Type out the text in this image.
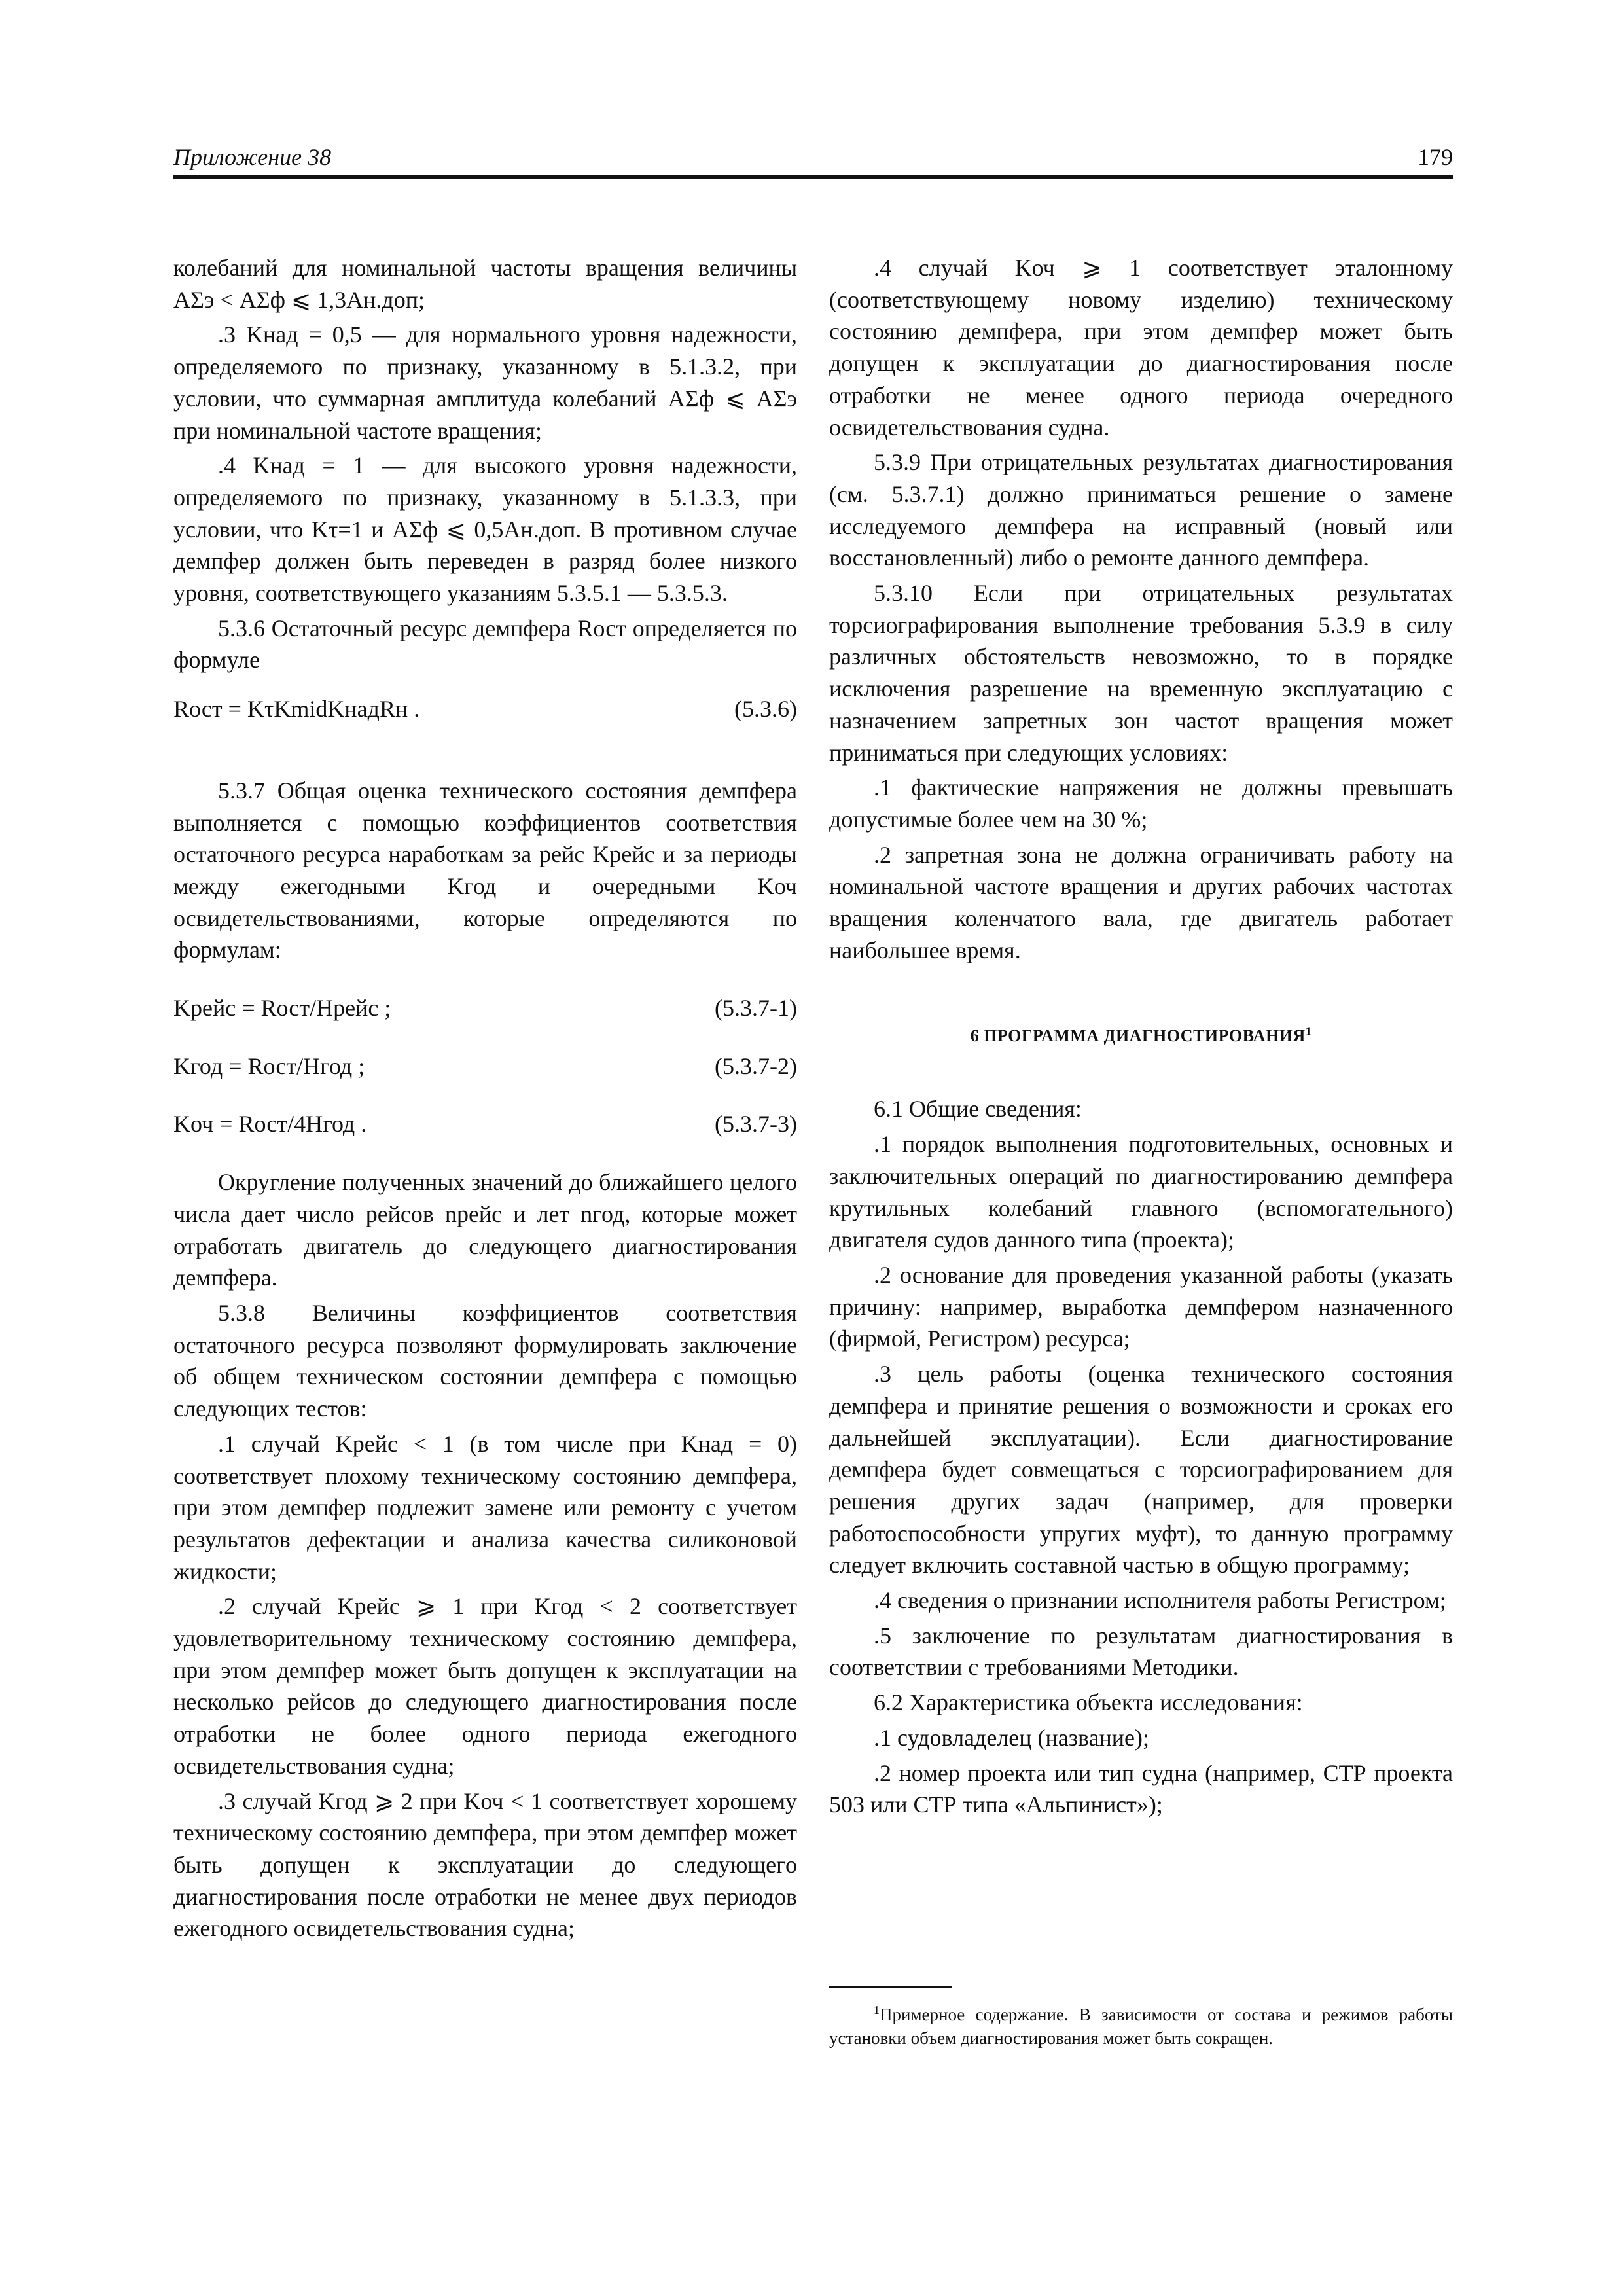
Приложение 38	179

колебаний для номинальной частоты вращения величины AΣэ < AΣф ⩽ 1,3Aн.доп;

.3 Kнад = 0,5 — для нормального уровня надежности, определяемого по признаку, указанному в 5.1.3.2, при условии, что суммарная амплитуда колебаний AΣф ⩽ AΣэ при номинальной частоте вращения;

.4 Kнад = 1 — для высокого уровня надежности, определяемого по признаку, указанному в 5.1.3.3, при условии, что Kτ=1 и AΣф ⩽ 0,5Aн.доп. В противном случае демпфер должен быть переведен в разряд более низкого уровня, соответствующего указаниям 5.3.5.1 — 5.3.5.3.

5.3.6 Остаточный ресурс демпфера Rост определяется по формуле

Rост = KτKmidKнадRн .	(5.3.6)

5.3.7 Общая оценка технического состояния демпфера выполняется с помощью коэффициентов соответствия остаточного ресурса наработкам за рейс Kрейс и за периоды между ежегодными Kгод и очередными Kоч освидетельствованиями, которые определяются по формулам:

Kрейс = Rост/Hрейс ;	(5.3.7-1)
Kгод = Rост/Hгод ;	(5.3.7-2)
Kоч = Rост/4Hгод .	(5.3.7-3)

Округление полученных значений до ближайшего целого числа дает число рейсов nрейс и лет nгод, которые может отработать двигатель до следующего диагностирования демпфера.

5.3.8 Величины коэффициентов соответствия остаточного ресурса позволяют формулировать заключение об общем техническом состоянии демпфера с помощью следующих тестов:

.1 случай Kрейс < 1 (в том числе при Kнад = 0) соответствует плохому техническому состоянию демпфера, при этом демпфер подлежит замене или ремонту с учетом результатов дефектации и анализа качества силиконовой жидкости;

.2 случай Kрейс ⩾ 1 при Kгод < 2 соответствует удовлетворительному техническому состоянию демпфера, при этом демпфер может быть допущен к эксплуатации на несколько рейсов до следующего диагностирования после отработки не более одного периода ежегодного освидетельствования судна;

.3 случай Kгод ⩾ 2 при Kоч < 1 соответствует хорошему техническому состоянию демпфера, при этом демпфер может быть допущен к эксплуатации до следующего диагностирования после отработки не менее двух периодов ежегодного освидетельствования судна;

.4 случай Kоч ⩾ 1 соответствует эталонному (соответствующему новому изделию) техническому состоянию демпфера, при этом демпфер может быть допущен к эксплуатации до диагностирования после отработки не менее одного периода очередного освидетельствования судна.

5.3.9 При отрицательных результатах диагностирования (см. 5.3.7.1) должно приниматься решение о замене исследуемого демпфера на исправный (новый или восстановленный) либо о ремонте данного демпфера.

5.3.10 Если при отрицательных результатах торсиографирования выполнение требования 5.3.9 в силу различных обстоятельств невозможно, то в порядке исключения разрешение на временную эксплуатацию с назначением запретных зон частот вращения может приниматься при следующих условиях:

.1 фактические напряжения не должны превышать допустимые более чем на 30 %;

.2 запретная зона не должна ограничивать работу на номинальной частоте вращения и других рабочих частотах вращения коленчатого вала, где двигатель работает наибольшее время.

6 ПРОГРАММА ДИАГНОСТИРОВАНИЯ$^1$

6.1 Общие сведения:

.1 порядок выполнения подготовительных, основных и заключительных операций по диагностированию демпфера крутильных колебаний главного (вспомогательного) двигателя судов данного типа (проекта);

.2 основание для проведения указанной работы (указать причину: например, выработка демпфером назначенного (фирмой, Регистром) ресурса;

.3 цель работы (оценка технического состояния демпфера и принятие решения о возможности и сроках его дальнейшей эксплуатации). Если диагностирование демпфера будет совмещаться с торсиографированием для решения других задач (например, для проверки работоспособности упругих муфт), то данную программу следует включить составной частью в общую программу;

.4 сведения о признании исполнителя работы Регистром;

.5 заключение по результатам диагностирования в соответствии с требованиями Методики.

6.2 Характеристика объекта исследования:

.1 судовладелец (название);

.2 номер проекта или тип судна (например, СТР проекта 503 или СТР типа «Альпинист»);

$^1$Примерное содержание. В зависимости от состава и режимов работы установки объем диагностирования может быть сокращен.
